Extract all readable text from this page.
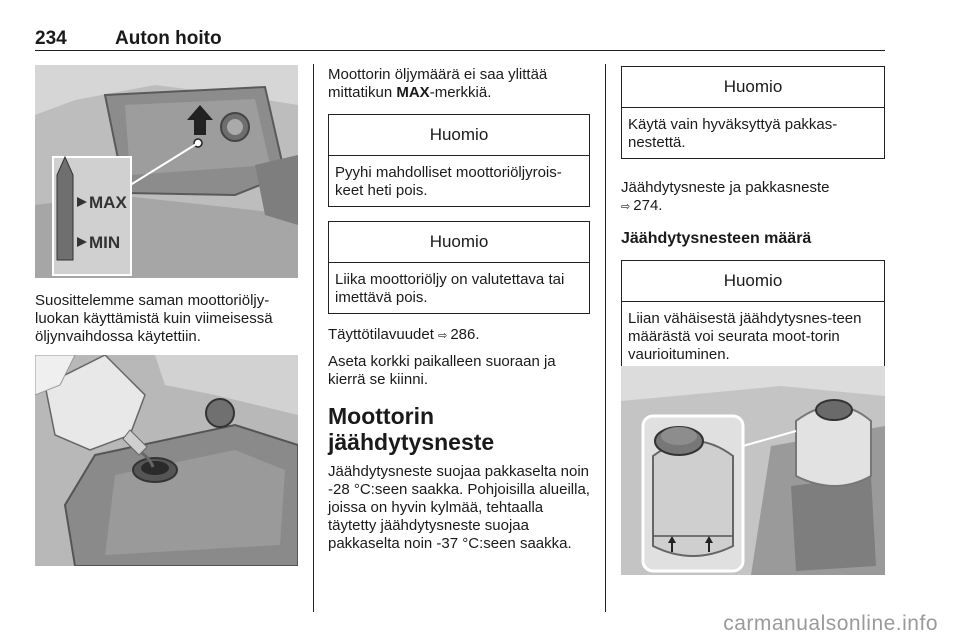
234	Auton hoito
MAX
MIN

Suosittelemme saman moottoriöljy-luokan käyttämistä kuin viimeisessä öljynvaihdossa käytettiin.

Moottorin öljymäärä ei saa ylittää mittatikun MAX-merkkiä.

Huomio
Pyyhi mahdolliset moottoriöljyrois-keet heti pois.
Huomio
Liika moottoriöljy on valutettava tai imettävä pois.

Täyttötilavuudet ⇨ 286.

Aseta korkki paikalleen suoraan ja kierrä se kiinni.

Moottorin jäähdytysneste

Jäähdytysneste suojaa pakkaselta noin -28 °C:seen saakka. Pohjoisilla alueilla, joissa on hyvin kylmää, tehtaalla täytetty jäähdytysneste suojaa pakkaselta noin -37 °C:seen saakka.

Huomio
Käytä vain hyväksyttyä pakkas-nestettä.

Jäähdytysneste ja pakkasneste
⇨ 274.

Jäähdytysnesteen määrä
Huomio
Liian vähäisestä jäähdytysnes-teen määrästä voi seurata moot-torin vaurioituminen.
carmanualsonline.info
